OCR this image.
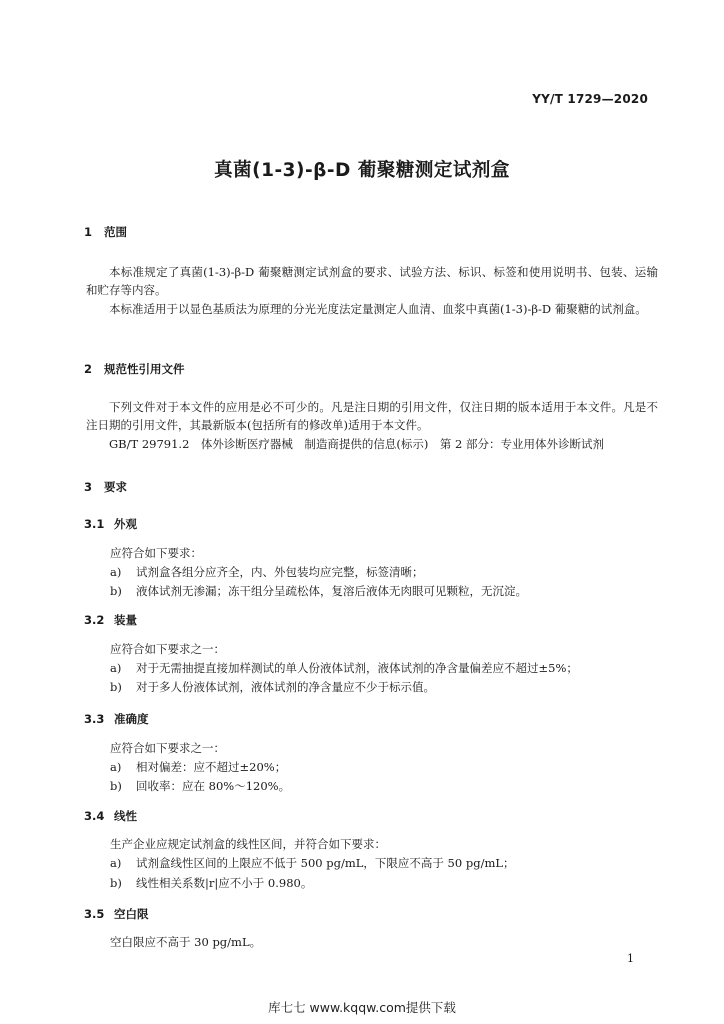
YY/T 1729—2020
真菌(1-3)-β-D 葡聚糖测定试剂盒
1 范围
本标准规定了真菌(1-3)-β-D 葡聚糖测定试剂盒的要求、试验方法、标识、标签和使用说明书、包装、运输和贮存等内容。
本标准适用于以显色基质法为原理的分光光度法定量测定人血清、血浆中真菌(1-3)-β-D 葡聚糖的试剂盒。
2 规范性引用文件
下列文件对于本文件的应用是必不可少的。凡是注日期的引用文件，仅注日期的版本适用于本文件。凡是不注日期的引用文件，其最新版本(包括所有的修改单)适用于本文件。
GB/T 29791.2　体外诊断医疗器械　制造商提供的信息(标示)　第 2 部分：专业用体外诊断试剂
3 要求
3.1 外观
应符合如下要求：
a) 试剂盒各组分应齐全，内、外包装均应完整，标签清晰；
b) 液体试剂无渗漏；冻干组分呈疏松体，复溶后液体无肉眼可见颗粒，无沉淀。
3.2 装量
应符合如下要求之一：
a) 对于无需抽提直接加样测试的单人份液体试剂，液体试剂的净含量偏差应不超过±5%；
b) 对于多人份液体试剂，液体试剂的净含量应不少于标示值。
3.3 准确度
应符合如下要求之一：
a) 相对偏差：应不超过±20%；
b) 回收率：应在 80%～120%。
3.4 线性
生产企业应规定试剂盒的线性区间，并符合如下要求：
a) 试剂盒线性区间的上限应不低于 500 pg/mL，下限应不高于 50 pg/mL；
b) 线性相关系数|r|应不小于 0.980。
3.5 空白限
空白限应不高于 30 pg/mL。
1
库七七 www.kqqw.com提供下载
